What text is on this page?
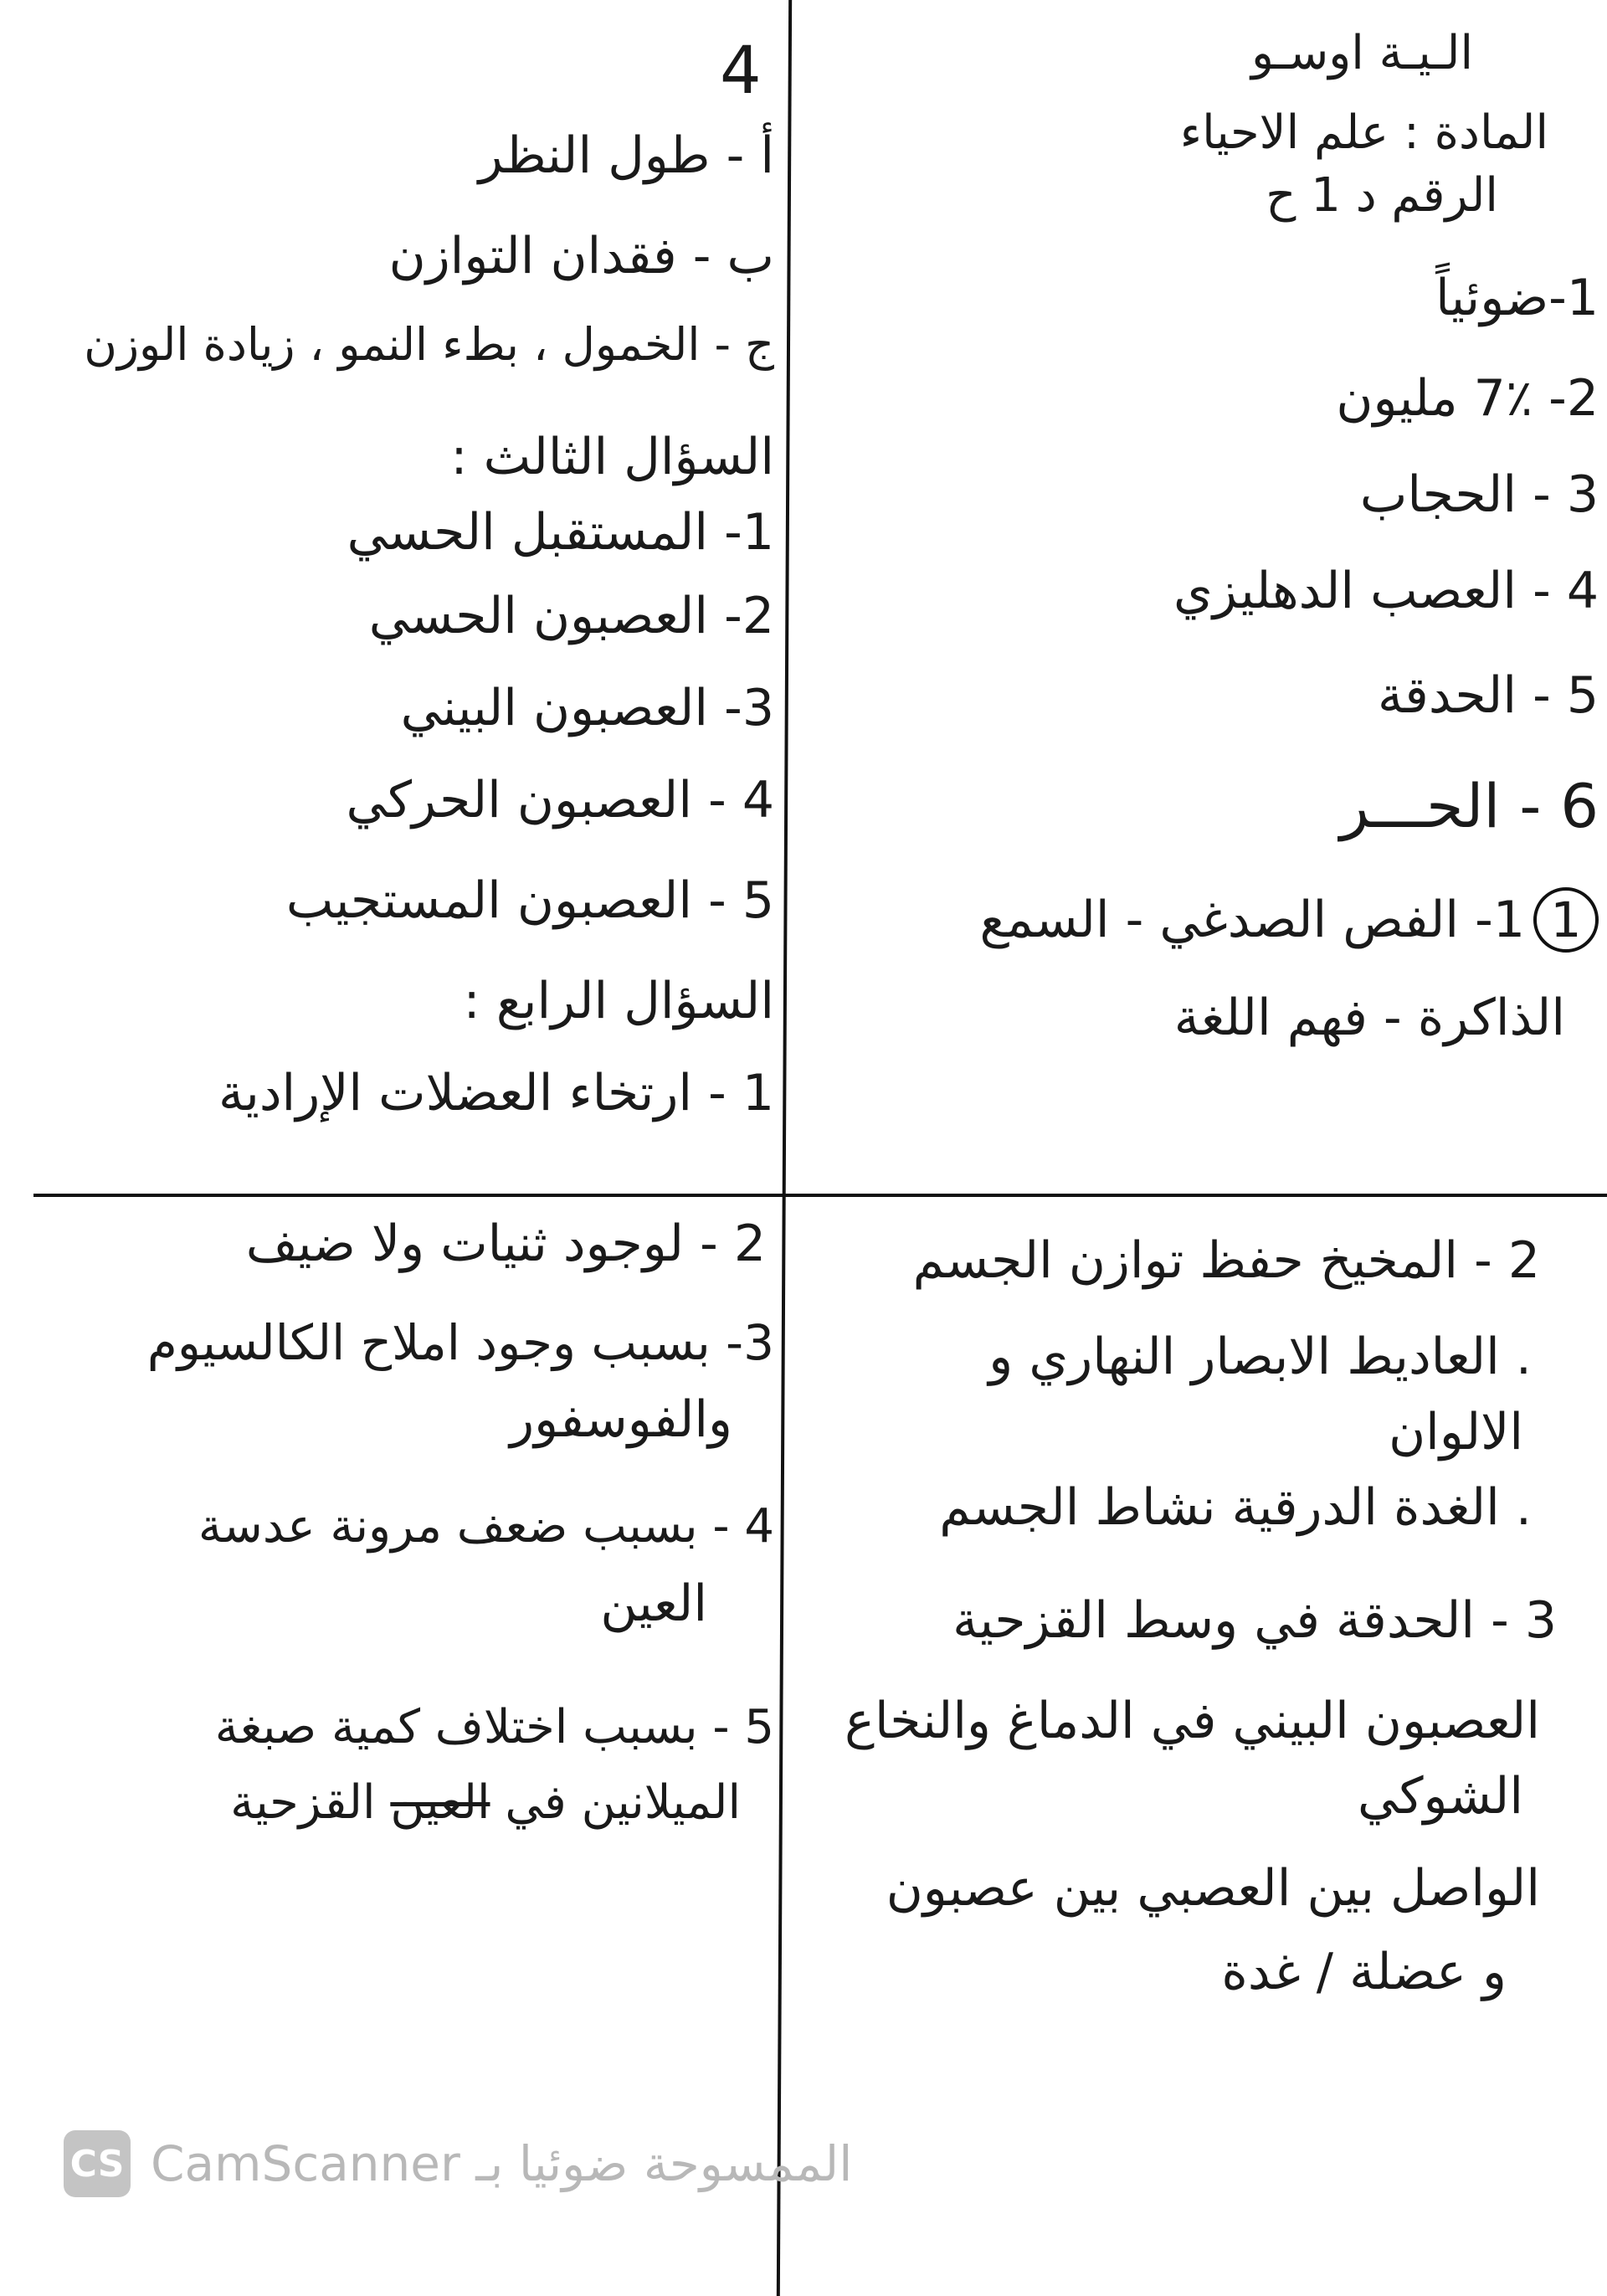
4	الـيـة اوسـو
المادة : علم الاحياء
الرقم د 1 ح
1-ضوئياً
2- 7٪ مليون
3 - الحجاب
4 - العصب الدهليزي
5 - الحدقة
6 - الحـــر
11- الفص الصدغي - السمع
الذاكرة - فهم اللغة
أ - طول النظر
ب - فقدان التوازن
ج - الخمول ، بطء النمو ، زيادة الوزن
السؤال الثالث :
1- المستقبل الحسي
2- العصبون الحسي
3- العصبون البيني
4 - العصبون الحركي
5 - العصبون المستجيب
السؤال الرابع :
1 - ارتخاء العضلات الإرادية
2 - المخيخ حفظ توازن الجسم
. العاديط الابصار النهاري و
الالوان
. الغدة الدرقية نشاط الجسم
3 - الحدقة في وسط القزحية
العصبون البيني في الدماغ والنخاع
الشوكي
الواصل بين العصبي بين عصبون
و عضلة / غدة
2 - لوجود ثنيات ولا ضيف
3- بسبب وجود املاح الكالسيوم
والفوسفور
4 - بسبب ضعف مرونة عدسة
العين
5 - بسبب اختلاف كمية صبغة
الميلانين في العين القزحية
CS CamScanner الممسوحة ضوئيا بـ
